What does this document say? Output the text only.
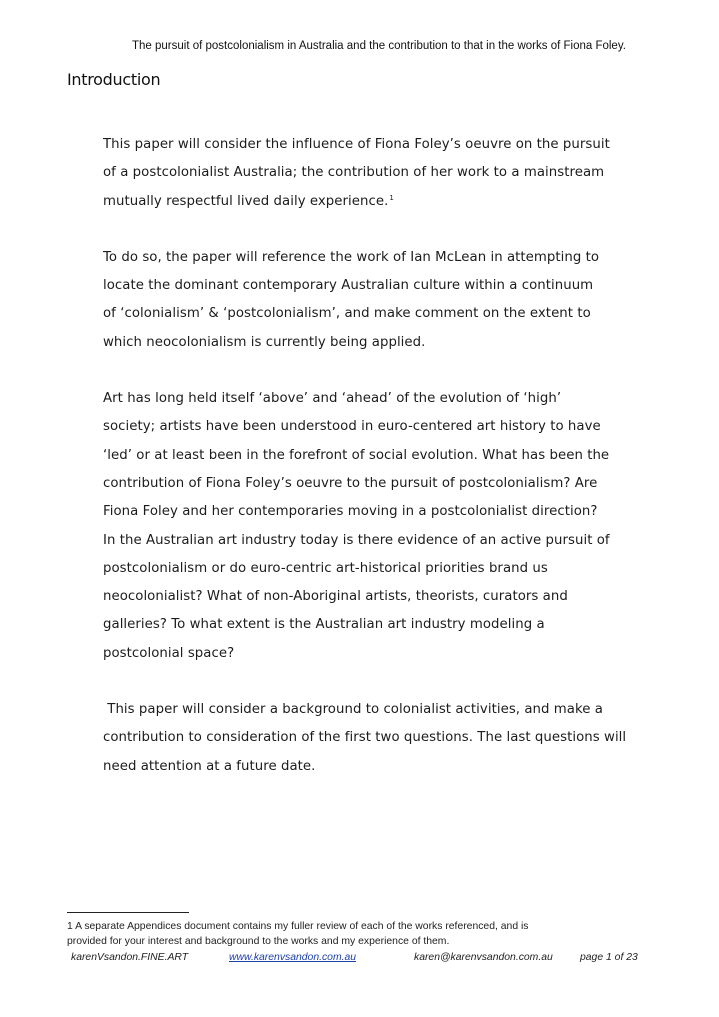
The pursuit of postcolonialism in Australia and the contribution to that in the works of Fiona Foley.
Introduction

This paper will consider the influence of Fiona Foley’s oeuvre on the pursuit
of a postcolonialist Australia; the contribution of her work to a mainstream
mutually respectful lived daily experience.$^1$

To do so, the paper will reference the work of Ian McLean in attempting to
locate the dominant contemporary Australian culture within a continuum
of ‘colonialism’ & ‘postcolonialism’, and make comment on the extent to
which neocolonialism is currently being applied.

Art has long held itself ‘above’ and ‘ahead’ of the evolution of ‘high’
society; artists have been understood in euro-centered art history to have
‘led’ or at least been in the forefront of social evolution. What has been the
contribution of Fiona Foley’s oeuvre to the pursuit of postcolonialism? Are
Fiona Foley and her contemporaries moving in a postcolonialist direction?
In the Australian art industry today is there evidence of an active pursuit of
postcolonialism or do euro-centric art-historical priorities brand us
neocolonialist? What of non-Aboriginal artists, theorists, curators and
galleries? To what extent is the Australian art industry modeling a
postcolonial space?

This paper will consider a background to colonialist activities, and make a
contribution to consideration of the first two questions. The last questions will
need attention at a future date.

1 A separate Appendices document contains my fuller review of each of the works referenced, and is
provided for your interest and background to the works and my experience of them.
karenVsandon.FINE.ART	www.karenvsandon.com.au	karen@karenvsandon.com.au	page 1 of 23
